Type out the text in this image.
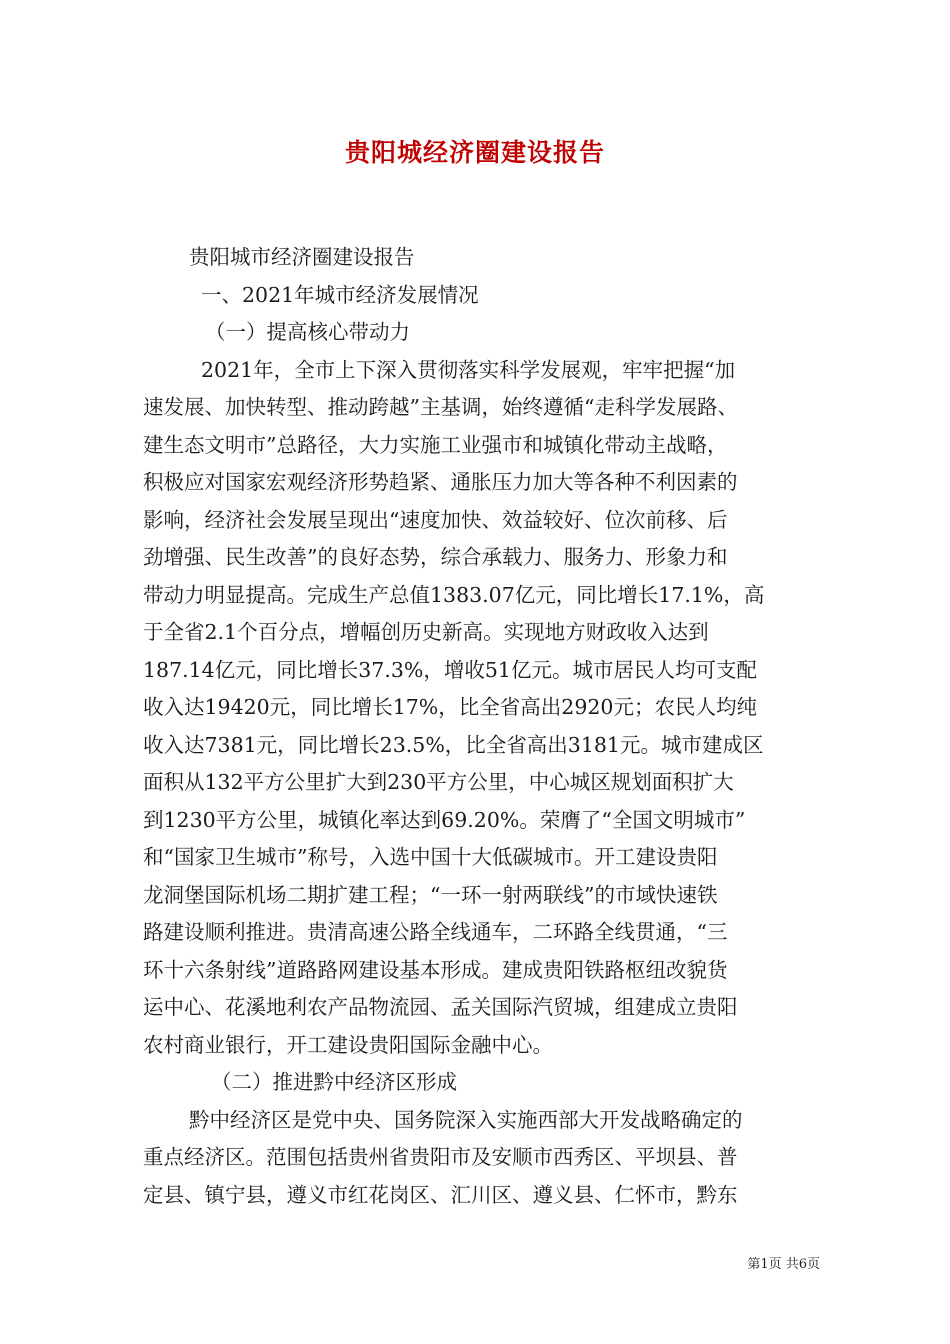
贵阳城经济圈建设报告
贵阳城市经济圈建设报告
一、2021年城市经济发展情况
（一）提高核心带动力
2021年，全市上下深入贯彻落实科学发展观，牢牢把握“加
速发展、加快转型、推动跨越”主基调，始终遵循“走科学发展路、
建生态文明市”总路径，大力实施工业强市和城镇化带动主战略，
积极应对国家宏观经济形势趋紧、通胀压力加大等各种不利因素的
影响，经济社会发展呈现出“速度加快、效益较好、位次前移、后
劲增强、民生改善”的良好态势，综合承载力、服务力、形象力和
带动力明显提高。完成生产总值1383.07亿元，同比增长17.1%，高
于全省2.1个百分点，增幅创历史新高。实现地方财政收入达到
187.14亿元，同比增长37.3%，增收51亿元。城市居民人均可支配
收入达19420元，同比增长17%，比全省高出2920元；农民人均纯
收入达7381元，同比增长23.5%，比全省高出3181元。城市建成区
面积从132平方公里扩大到230平方公里，中心城区规划面积扩大
到1230平方公里，城镇化率达到69.20%。荣膺了“全国文明城市”
和“国家卫生城市”称号，入选中国十大低碳城市。开工建设贵阳
龙洞堡国际机场二期扩建工程；“一环一射两联线”的市域快速铁
路建设顺利推进。贵清高速公路全线通车，二环路全线贯通，“三
环十六条射线”道路路网建设基本形成。建成贵阳铁路枢纽改貌货
运中心、花溪地利农产品物流园、孟关国际汽贸城，组建成立贵阳
农村商业银行，开工建设贵阳国际金融中心。
（二）推进黔中经济区形成
黔中经济区是党中央、国务院深入实施西部大开发战略确定的
重点经济区。范围包括贵州省贵阳市及安顺市西秀区、平坝县、普
定县、镇宁县，遵义市红花岗区、汇川区、遵义县、仁怀市，黔东
第1页 共6页
